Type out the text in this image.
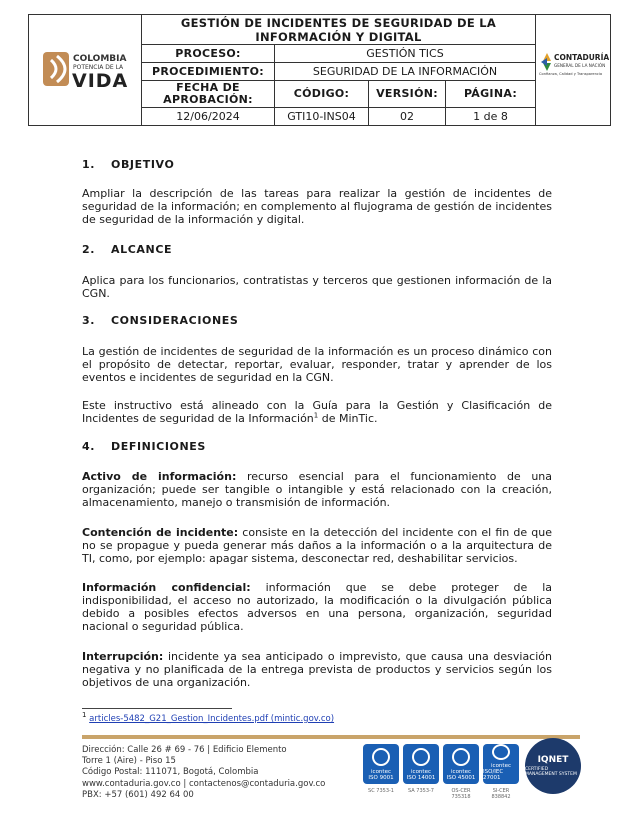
COLOMBIA
POTENCIA DE LA
VIDA
GESTIÓN DE INCIDENTES DE SEGURIDAD DE LA INFORMACIÓN Y DIGITAL
PROCESO:	GESTIÓN TICS
PROCEDIMIENTO:	SEGURIDAD DE LA INFORMACIÓN
FECHA DE APROBACIÓN:	CÓDIGO:	VERSIÓN:	PÁGINA:
12/06/2024	GTI10-INS04	02	1 de 8
CONTADURÍA
GENERAL DE LA NACIÓN
Confianza, Calidad y Transparencia
1. OBJETIVO
Ampliar la descripción de las tareas para realizar la gestión de incidentes de seguridad de la información; en complemento al flujograma de gestión de incidentes de seguridad de la información y digital.
2. ALCANCE
Aplica para los funcionarios, contratistas y terceros que gestionen información de la CGN.
3. CONSIDERACIONES
La gestión de incidentes de seguridad de la información es un proceso dinámico con el propósito de detectar, reportar, evaluar, responder, tratar y aprender de los eventos e incidentes de seguridad en la CGN.
Este instructivo está alineado con la Guía para la Gestión y Clasificación de Incidentes de seguridad de la Información$^1$ de MinTic.
4. DEFINICIONES
Activo de información: recurso esencial para el funcionamiento de una organización; puede ser tangible o intangible y está relacionado con la creación, almacenamiento, manejo o transmisión de información.
Contención de incidente: consiste en la detección del incidente con el fin de que no se propague y pueda generar más daños a la información o a la arquitectura de TI, como, por ejemplo: apagar sistema, desconectar red, deshabilitar servicios.
Información confidencial: información que se debe proteger de la indisponibilidad, el acceso no autorizado, la modificación o la divulgación pública debido a posibles efectos adversos en una persona, organización, seguridad nacional o seguridad pública.
Interrupción: incidente ya sea anticipado o imprevisto, que causa una desviación negativa y no planificada de la entrega prevista de productos y servicios según los objetivos de una organización.
$^1$ articles-5482_G21_Gestion_Incidentes.pdf (mintic.gov.co)
Dirección: Calle 26 # 69 - 76 | Edificio Elemento
Torre 1 (Aire) - Piso 15
Código Postal: 111071, Bogotá, Colombia
www.contaduria.gov.co | contactenos@contaduria.gov.co
PBX: +57 (601) 492 64 00
icontec
ISO 9001
SC 7353-1
icontec
ISO 14001
SA 7353-7
icontec
ISO 45001
OS-CER 735318
icontec
ISO/IEC 27001
SI-CER 838842
IQNET
CERTIFIED MANAGEMENT SYSTEM
